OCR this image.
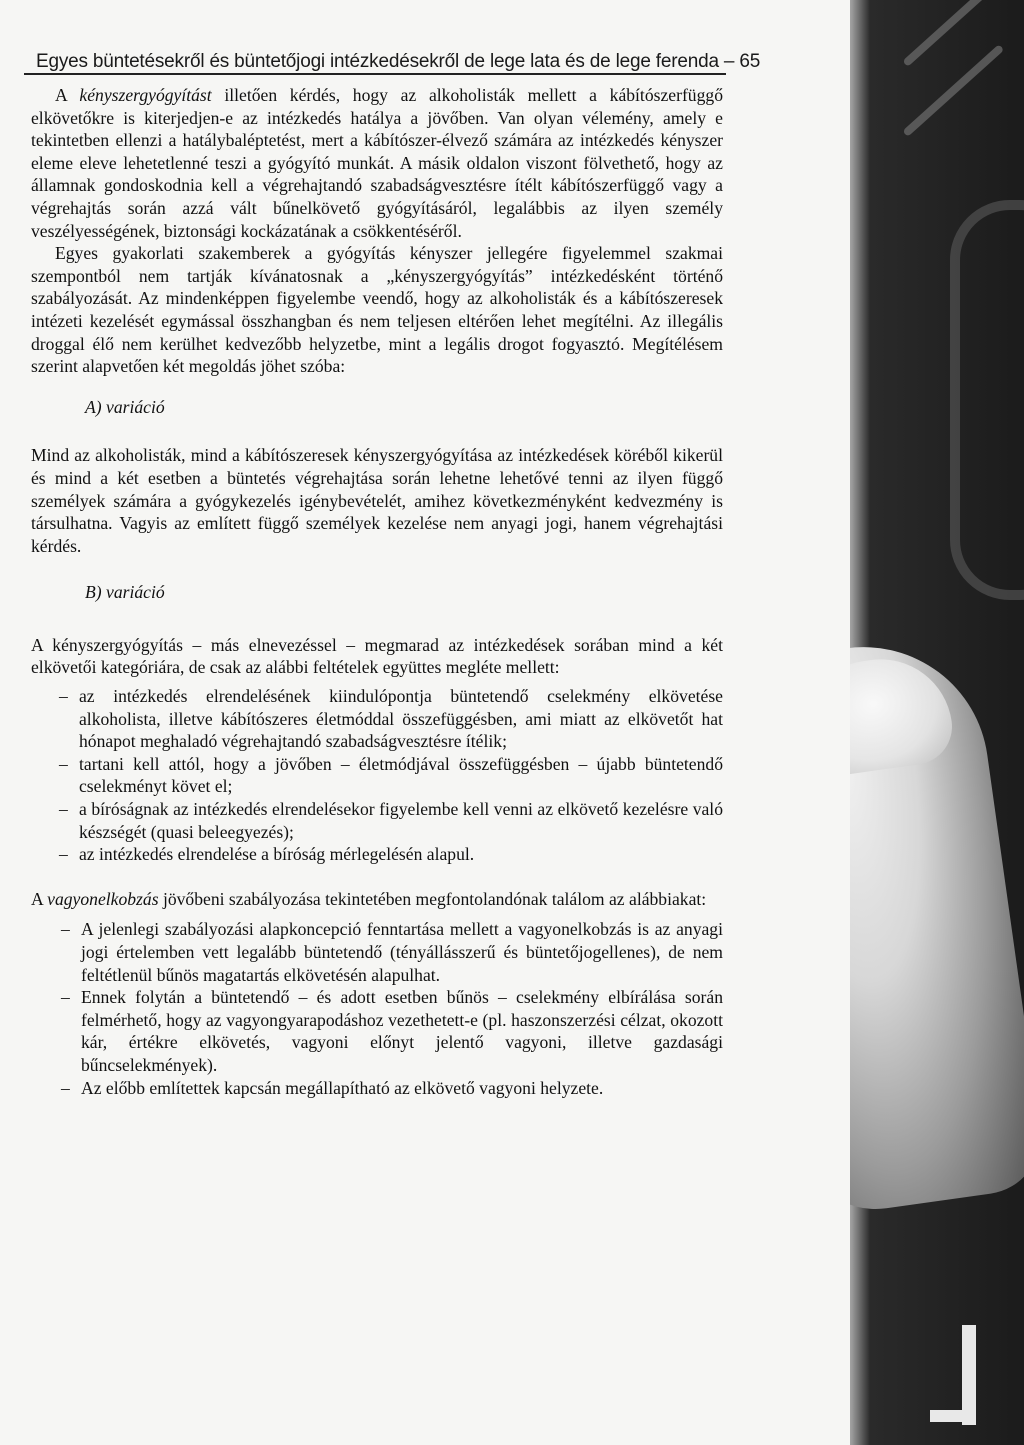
Egyes büntetésekről és büntetőjogi intézkedésekről de lege lata és de lege ferenda – 65

A kényszergyógyítást illetően kérdés, hogy az alkoholisták mellett a kábítószerfüggő elkövetőkre is kiterjedjen-e az intézkedés hatálya a jövőben. Van olyan vélemény, amely e tekintetben ellenzi a hatálybaléptetést, mert a kábítószer-élvező számára az intézkedés kényszer eleme eleve lehetetlenné teszi a gyógyító munkát. A másik oldalon viszont fölvethető, hogy az államnak gondoskodnia kell a végrehajtandó szabadságvesztésre ítélt kábítószerfüggő vagy a végrehajtás során azzá vált bűnelkövető gyógyításáról, legalábbis az ilyen személy veszélyességének, biztonsági kockázatának a csökkentéséről.

Egyes gyakorlati szakemberek a gyógyítás kényszer jellegére figyelemmel szakmai szempontból nem tartják kívánatosnak a „kényszergyógyítás” intézkedésként történő szabályozását. Az mindenképpen figyelembe veendő, hogy az alkoholisták és a kábítószeresek intézeti kezelését egymással összhangban és nem teljesen eltérően lehet megítélni. Az illegális droggal élő nem kerülhet kedvezőbb helyzetbe, mint a legális drogot fogyasztó. Megítélésem szerint alapvetően két megoldás jöhet szóba:

A) variáció

Mind az alkoholisták, mind a kábítószeresek kényszergyógyítása az intézkedések köréből kikerül és mind a két esetben a büntetés végrehajtása során lehetne lehetővé tenni az ilyen függő személyek számára a gyógykezelés igénybevételét, amihez következményként kedvezmény is társulhatna. Vagyis az említett függő személyek kezelése nem anyagi jogi, hanem végrehajtási kérdés.

B) variáció

A kényszergyógyítás – más elnevezéssel – megmarad az intézkedések sorában mind a két elkövetői kategóriára, de csak az alábbi feltételek együttes megléte mellett:

– az intézkedés elrendelésének kiindulópontja büntetendő cselekmény elkövetése alkoholista, illetve kábítószeres életmóddal összefüggésben, ami miatt az elkövetőt hat hónapot meghaladó végrehajtandó szabadságvesztésre ítélik;
– tartani kell attól, hogy a jövőben – életmódjával összefüggésben – újabb büntetendő cselekményt követ el;
– a bíróságnak az intézkedés elrendelésekor figyelembe kell venni az elkövető kezelésre való készségét (quasi beleegyezés);
– az intézkedés elrendelése a bíróság mérlegelésén alapul.

A vagyonelkobzás jövőbeni szabályozása tekintetében megfontolandónak találom az alábbiakat:

– A jelenlegi szabályozási alapkoncepció fenntartása mellett a vagyonelkobzás is az anyagi jogi értelemben vett legalább büntetendő (tényállásszerű és büntetőjogellenes), de nem feltétlenül bűnös magatartás elkövetésén alapulhat.
– Ennek folytán a büntetendő – és adott esetben bűnös – cselekmény elbírálása során felmérhető, hogy az vagyongyarapodáshoz vezethetett-e (pl. haszonszerzési célzat, okozott kár, értékre elkövetés, vagyoni előnyt jelentő vagyoni, illetve gazdasági bűncselekmények).
– Az előbb említettek kapcsán megállapítható az elkövető vagyoni helyzete.
